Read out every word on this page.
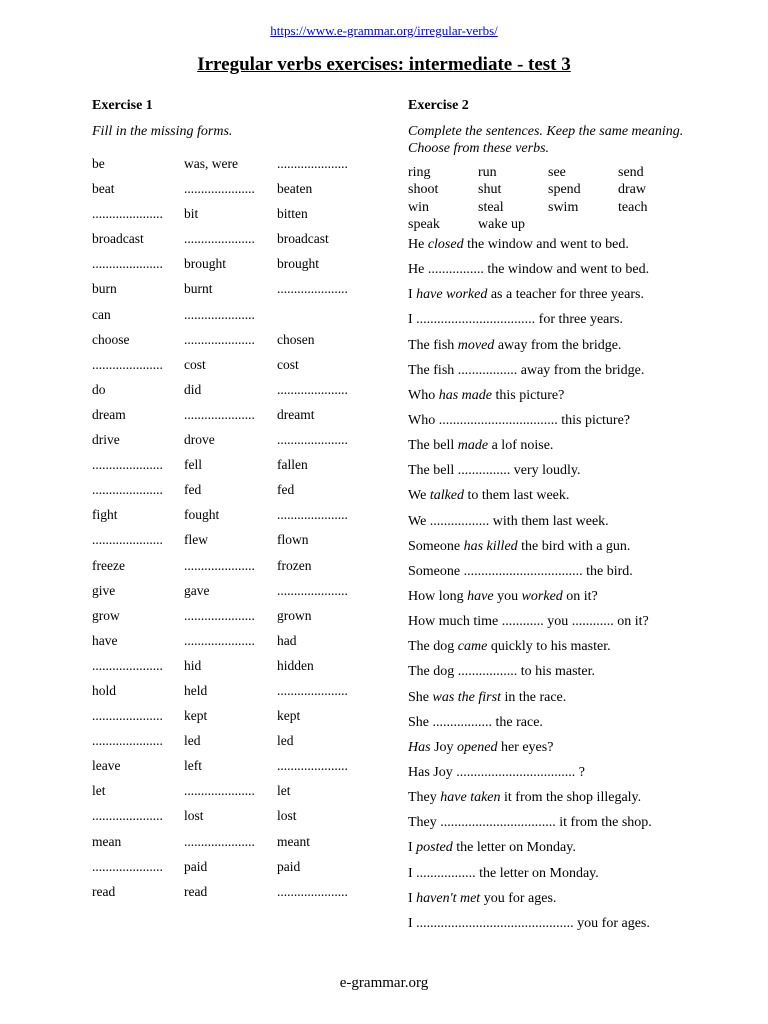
https://www.e-grammar.org/irregular-verbs/
Irregular verbs exercises: intermediate - test 3
Exercise 1
Fill in the missing forms.
be	was, were	.....................
beat	..................... beaten
..................... bit	bitten
broadcast	..................... broadcast
..................... brought	brought
burn	burnt	.....................
can	.....................
choose	..................... chosen
..................... cost	cost
do	did	.....................
dream	..................... dreamt
drive	drove	.....................
..................... fell	fallen
..................... fed	fed
fight	fought	.....................
..................... flew	flown
freeze	..................... frozen
give	gave	.....................
grow	..................... grown
have	..................... had
..................... hid	hidden
hold	held	.....................
..................... kept	kept
..................... led	led
leave	left	.....................
let	..................... let
..................... lost	lost
mean	..................... meant
..................... paid	paid
read	read	.....................
Exercise 2
Complete the sentences. Keep the same meaning. Choose from these verbs.
ring	run	see	send
shoot	shut	spend	draw
win	steal	swim	teach
speak	wake up
He closed the window and went to bed.
He ................ the window and went to bed.
I have worked as a teacher for three years.
I .................................. for three years.
The fish moved away from the bridge.
The fish ................. away from the bridge.
Who has made this picture?
Who .................................. this picture?
The bell made a lof noise.
The bell ............... very loudly.
We talked to them last week.
We ................. with them last week.
Someone has killed the bird with a gun.
Someone .................................. the bird.
How long have you worked on it?
How much time ............ you ............ on it?
The dog came quickly to his master.
The dog ................. to his master.
She was the first in the race.
She ................. the race.
Has Joy opened her eyes?
Has Joy .................................. ?
They have taken it from the shop illegaly.
They ................................. it from the shop.
I posted the letter on Monday.
I ................. the letter on Monday.
I haven't met you for ages.
I ............................................. you for ages.
e-grammar.org
